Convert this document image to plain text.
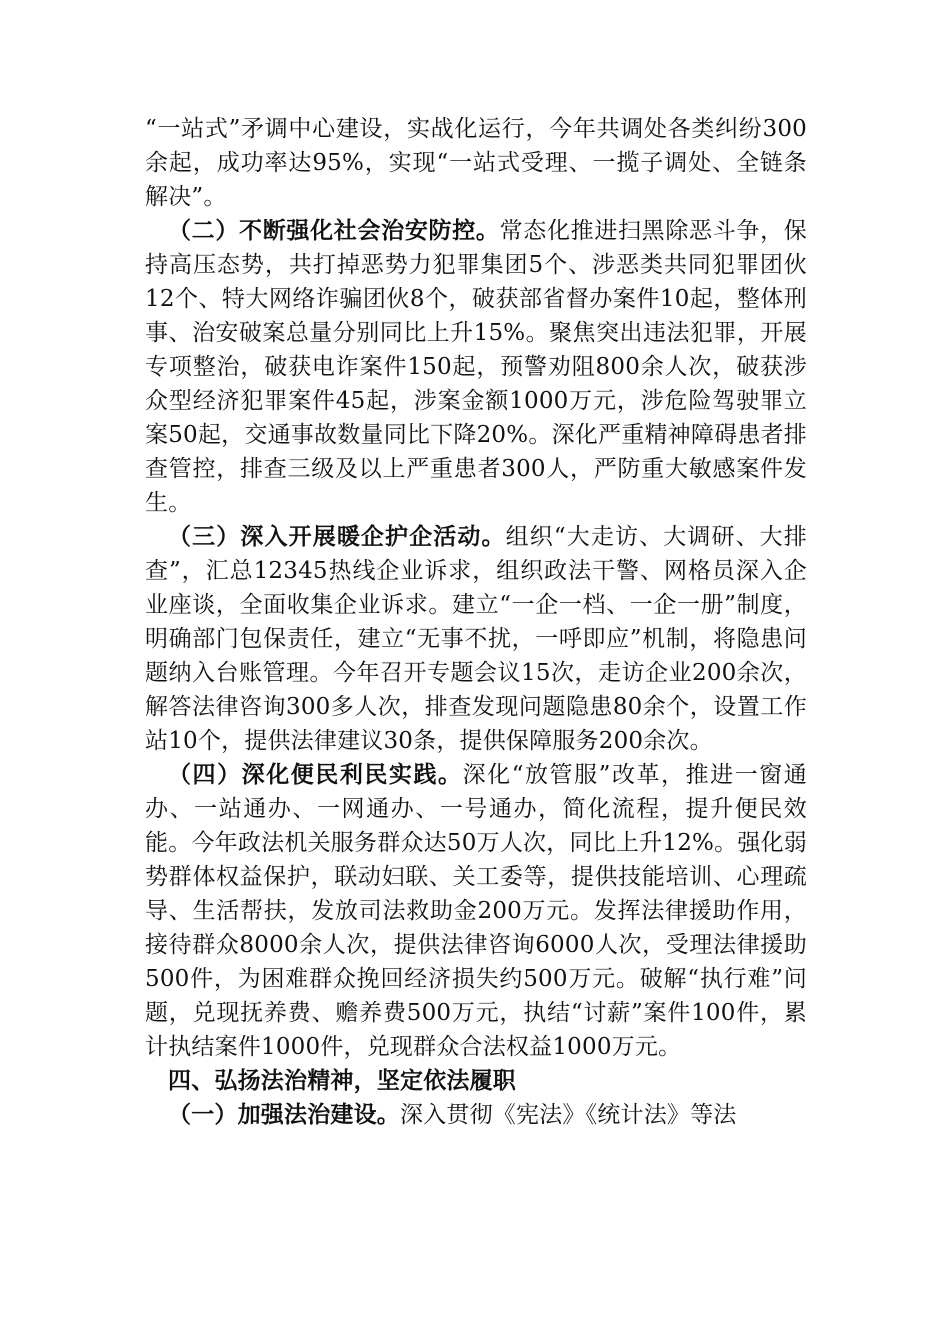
“一站式”矛调中心建设，实战化运行，今年共调处各类纠纷300余起，成功率达95%，实现“一站式受理、一揽子调处、全链条解决”。

（二）不断强化社会治安防控。常态化推进扫黑除恶斗争，保持高压态势，共打掉恶势力犯罪集团5个、涉恶类共同犯罪团伙12个、特大网络诈骗团伙8个，破获部省督办案件10起，整体刑事、治安破案总量分别同比上升15%。聚焦突出违法犯罪，开展专项整治，破获电诈案件150起，预警劝阻800余人次，破获涉众型经济犯罪案件45起，涉案金额1000万元，涉危险驾驶罪立案50起，交通事故数量同比下降20%。深化严重精神障碍患者排查管控，排查三级及以上严重患者300人，严防重大敏感案件发生。

（三）深入开展暖企护企活动。组织“大走访、大调研、大排查”，汇总12345热线企业诉求，组织政法干警、网格员深入企业座谈，全面收集企业诉求。建立“一企一档、一企一册”制度，明确部门包保责任，建立“无事不扰，一呼即应”机制，将隐患问题纳入台账管理。今年召开专题会议15次，走访企业200余次，解答法律咨询300多人次，排查发现问题隐患80余个，设置工作站10个，提供法律建议30条，提供保障服务200余次。

（四）深化便民利民实践。深化“放管服”改革，推进一窗通办、一站通办、一网通办、一号通办，简化流程，提升便民效能。今年政法机关服务群众达50万人次，同比上升12%。强化弱势群体权益保护，联动妇联、关工委等，提供技能培训、心理疏导、生活帮扶，发放司法救助金200万元。发挥法律援助作用，接待群众8000余人次，提供法律咨询6000人次，受理法律援助500件，为困难群众挽回经济损失约500万元。破解“执行难”问题，兑现抚养费、赡养费500万元，执结“讨薪”案件100件，累计执结案件1000件，兑现群众合法权益1000万元。

四、弘扬法治精神，坚定依法履职

（一）加强法治建设。深入贯彻《宪法》《统计法》等法
